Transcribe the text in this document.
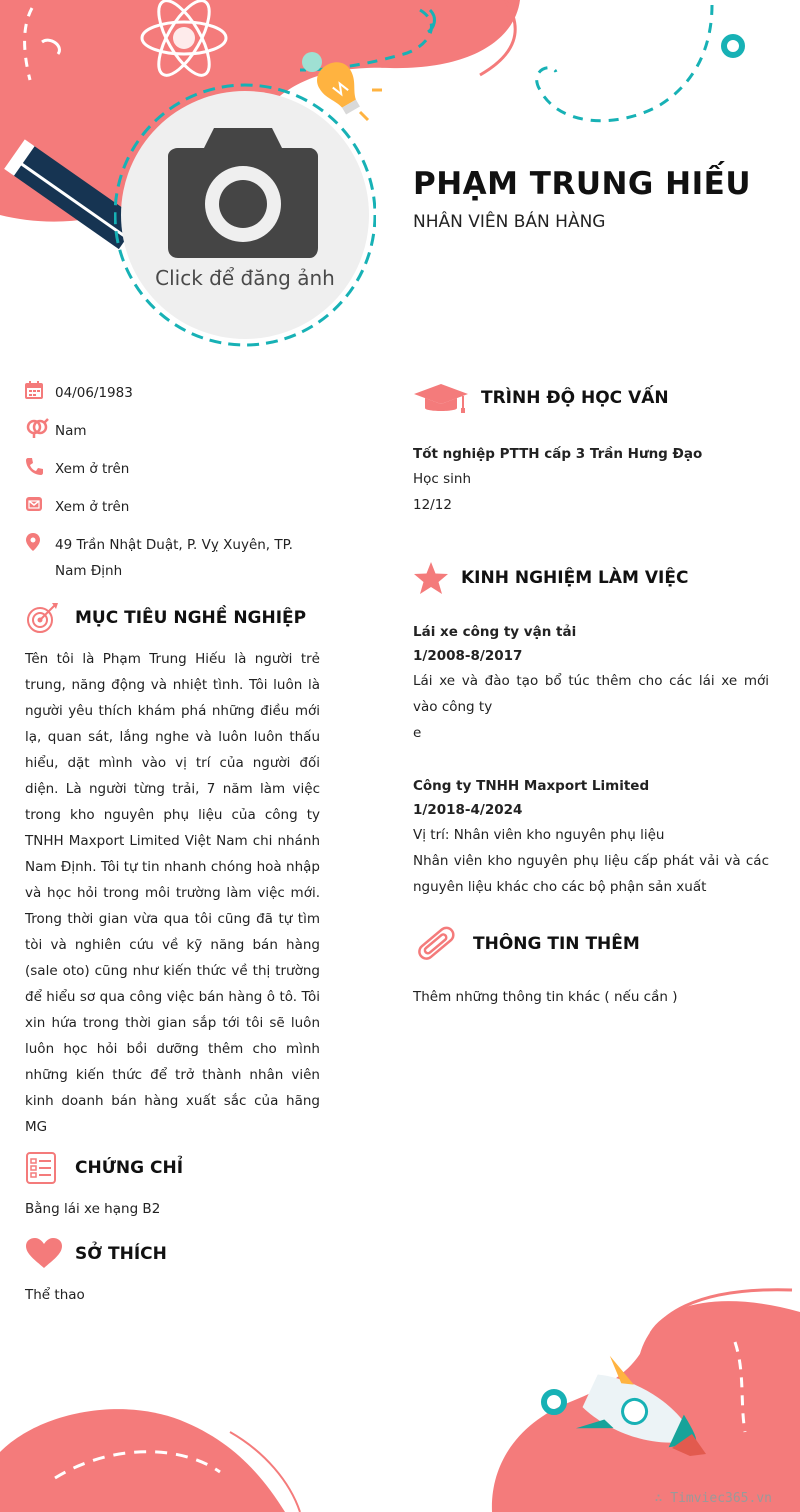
Click để đăng ảnh
PHẠM TRUNG HIẾU
NHÂN VIÊN BÁN HÀNG
04/06/1983
Nam
Xem ở trên
Xem ở trên
49 Trần Nhật Duật, P. Vỵ Xuyên, TP. Nam Định
MỤC TIÊU NGHỀ NGHIỆP

Tên tôi là Phạm Trung Hiếu là người trẻ trung, năng động và nhiệt tình. Tôi luôn là người yêu thích khám phá những điều mới lạ, quan sát, lắng nghe và luôn luôn thấu hiểu, dặt mình vào vị trí của người đối diện. Là người từng trải, 7 năm làm việc trong kho nguyên phụ liệu của công ty TNHH Maxport Limited Việt Nam chi nhánh Nam Định. Tôi tự tin nhanh chóng hoà nhập và học hỏi trong môi trường làm việc mới. Trong thời gian vừa qua tôi cũng đã tự tìm tòi và nghiên cứu về kỹ năng bán hàng (sale oto) cũng như kiến thức về thị trường để hiểu sơ qua công việc bán hàng ô tô. Tôi xin hứa trong thời gian sắp tới tôi sẽ luôn luôn học hỏi bồi dưỡng thêm cho mình những kiến thức để trở thành nhân viên kinh doanh bán hàng xuất sắc của hãng MG

CHỨNG CHỈ

Bằng lái xe hạng B2

SỞ THÍCH

Thể thao

TRÌNH ĐỘ HỌC VẤN
Tốt nghiệp PTTH cấp 3 Trần Hưng Đạo
Học sinh
12/12
KINH NGHIỆM LÀM VIỆC
Lái xe công ty vận tải
1/2008-8/2017
Lái xe và đào tạo bổ túc thêm cho các lái xe mới vào công ty
e
Công ty TNHH Maxport Limited
1/2018-4/2024
Vị trí: Nhân viên kho nguyên phụ liệu
Nhân viên kho nguyên phụ liệu cấp phát vải và các nguyên liệu khác cho các bộ phận sản xuất
THÔNG TIN THÊM
Thêm những thông tin khác ( nếu cần )
∴ Timviec365.vn
